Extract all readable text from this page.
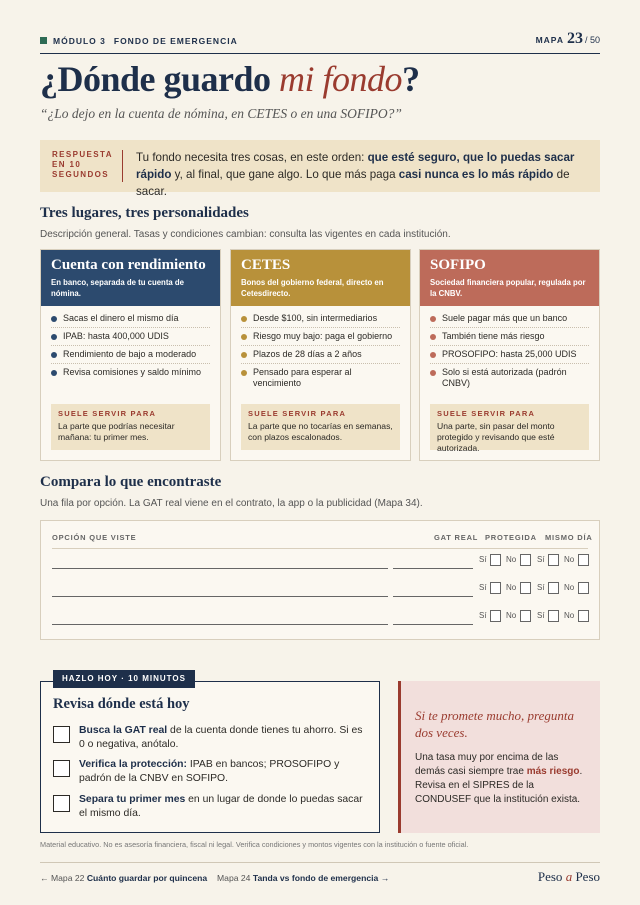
MÓDULO 3 FONDO DE EMERGENCIA	MAPA 23 / 50
¿Dónde guardo mi fondo?
“¿Lo dejo en la cuenta de nómina, en CETES o en una SOFIPO?”
RESPUESTA EN 10 SEGUNDOS
Tu fondo necesita tres cosas, en este orden: que esté seguro, que lo puedas sacar rápido y, al final, que gane algo. Lo que más paga casi nunca es lo más rápido de sacar.
Tres lugares, tres personalidades
Descripción general. Tasas y condiciones cambian: consulta las vigentes en cada institución.
Cuenta con rendimiento
En banco, separada de tu cuenta de nómina.
Sacas el dinero el mismo día
IPAB: hasta 400,000 UDIS
Rendimiento de bajo a moderado
Revisa comisiones y saldo mínimo
SUELE SERVIR PARA
La parte que podrías necesitar mañana: tu primer mes.
CETES
Bonos del gobierno federal, directo en Cetesdirecto.
Desde $100, sin intermediarios
Riesgo muy bajo: paga el gobierno
Plazos de 28 días a 2 años
Pensado para esperar al vencimiento
SUELE SERVIR PARA
La parte que no tocarías en semanas, con plazos escalonados.
SOFIPO
Sociedad financiera popular, regulada por la CNBV.
Suele pagar más que un banco
También tiene más riesgo
PROSOFIPO: hasta 25,000 UDIS
Solo si está autorizada (padrón CNBV)
SUELE SERVIR PARA
Una parte, sin pasar del monto protegido y revisando que esté autorizada.
Compara lo que encontraste
Una fila por opción. La GAT real viene en el contrato, la app o la publicidad (Mapa 34).
OPCIÓN QUE VISTE	GAT REAL PROTEGIDA MISMO DÍA
Sí No	Sí No
Sí No	Sí No
Sí No	Sí No
HAZLO HOY · 10 MINUTOS
Revisa dónde está hoy
Busca la GAT real de la cuenta donde tienes tu ahorro. Si es 0 o negativa, anótalo.
Verifica la protección: IPAB en bancos; PROSOFIPO y padrón de la CNBV en SOFIPO.
Separa tu primer mes en un lugar de donde lo puedas sacar el mismo día.
Si te promete mucho, pregunta dos veces.
Una tasa muy por encima de las demás casi siempre trae más riesgo. Revisa en el SIPRES de la CONDUSEF que la institución exista.
Material educativo. No es asesoría financiera, fiscal ni legal. Verifica condiciones y montos vigentes con la institución o fuente oficial.
← Mapa 22 Cuánto guardar por quincena Mapa 24 Tanda vs fondo de emergencia →	Peso a Peso
